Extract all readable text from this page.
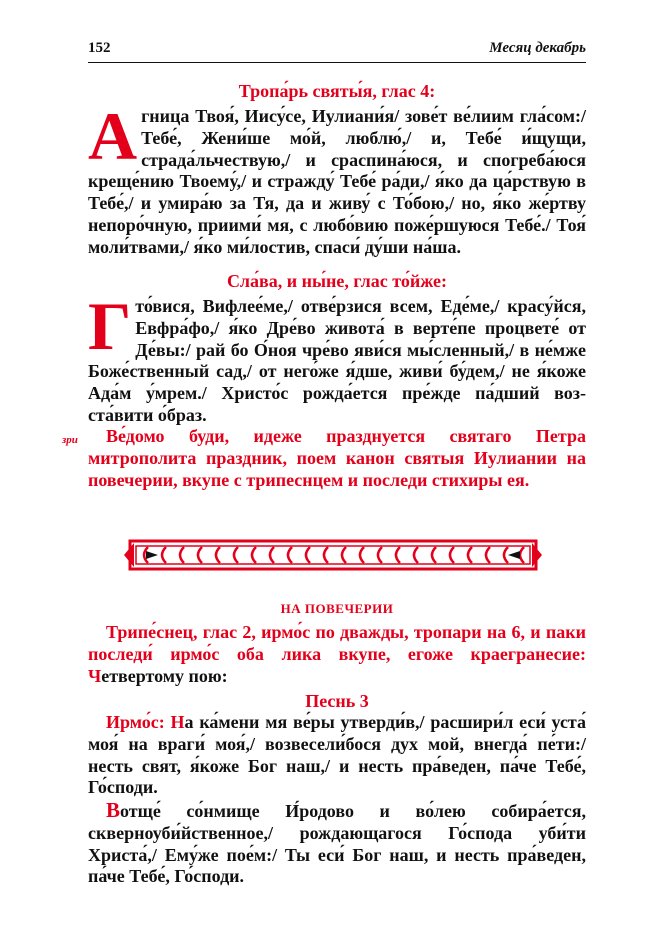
152	Месяц декабрь
Тропа́рь святы́я, глас 4:
Агница Твоя́, Иису́се, Иулиани́я/ зове́т ве́лиим гла́сом:/ Тебе́, Жени́ше мо́й, люблю́,/ и, Тебе́ и́щущи, страда́льчествую,/ и сраспина́юся, и спогреба́юся креще́нию Твоему́,/ и стражду́ Тебе́ ра́ди,/ я́ко да ца́рствую в Тебе́,/ и умира́ю за Тя, да и живу́ с То́бою,/ но, я́ко же́ртву непоро́чную, приими́ мя, с любо́вию поже́ршуюся Тебе́./ Тоя́ моли́твами,/ я́ко ми́лостив, спаси́ ду́ши на́ша.
Сла́ва, и ны́не, глас то́йже:
Гто́вися, Вифлее́ме,/ отве́рзися всем, Еде́ме,/ красу́йся, Евфра́фо,/ я́ко Дре́во живота́ в верте́пе процвете́ от Де́вы:/ рай бо О́ноя чре́во яви́ся мы́сленный,/ в не́мже Боже́ственный сад,/ от него́же я́дше, живи́ бу́дем,/ не я́коже Ада́м у́мрем./ Христо́с рожда́ется пре́жде па́дший воз-ста́вити о́браз.
зри	Ве́домо буди, идеже празднуется святаго Петра митрополита праздник, поем канон святыя Иулиании на повечерии, вкупе с трипеснцем и последи стихиры ея.
НА ПОВЕЧЕРИИ
Трипе́снец, глас 2, ирмо́с по дважды, тропари на 6, и паки последи́ ирмо́с оба лика вкупе, егоже краегранесие: Четвертому пою:
Песнь 3
Ирмо́с: На ка́мени мя ве́ры утверди́в,/ расшири́л еси́ уста́ моя́ на враги́ моя́,/ возвесели́бося дух мой, внегда́ пе́ти:/ несть свят, я́коже Бог наш,/ и несть пра́веден, па́че Тебе́, Го́споди.
Вотще́ со́нмище И́родово и во́лею собира́ется, скверноуби́йственное,/ рождающагося Го́спода уби́ти Христа́,/ Ему́же пое́м:/ Ты еси́ Бог наш, и несть пра́веден, па́че Тебе́, Го́споди.
